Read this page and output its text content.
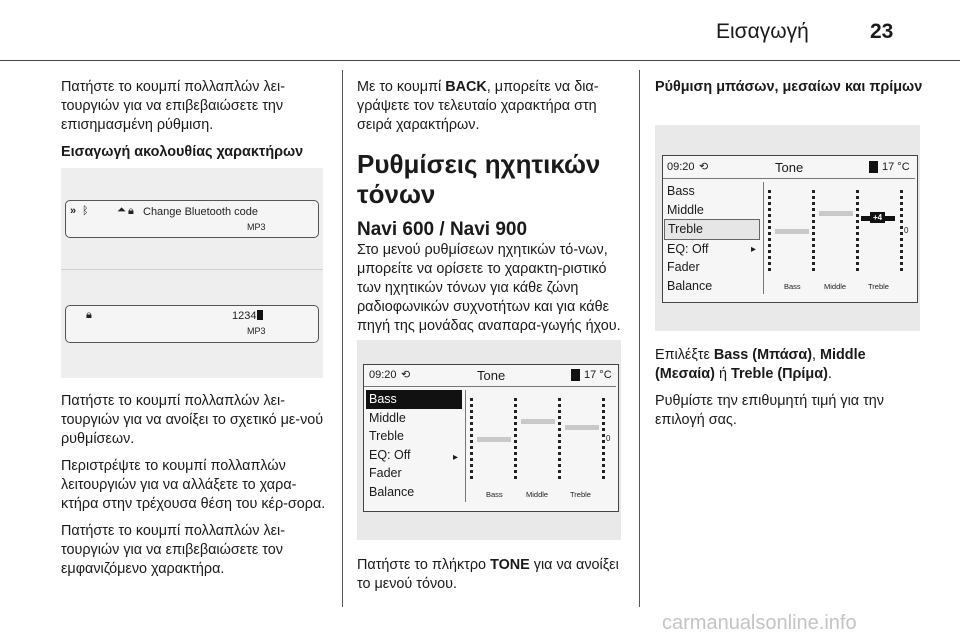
Εισαγωγή	23

Πατήστε το κουμπί πολλαπλών λει-τουργιών για να επιβεβαιώσετε την επισημασμένη ρύθμιση.

Εισαγωγή ακολουθίας χαρακτήρων

» ᛒ	⏶ 🔒︎ Change Bluetooth code
MP3
🔒︎	1234
MP3

Πατήστε το κουμπί πολλαπλών λει-τουργιών για να ανοίξει το σχετικό με-νού ρυθμίσεων.

Περιστρέψτε το κουμπί πολλαπλών λειτουργιών για να αλλάξετε το χαρα-κτήρα στην τρέχουσα θέση του κέρ-σορα.

Πατήστε το κουμπί πολλαπλών λει-τουργιών για να επιβεβαιώσετε τον εμφανιζόμενο χαρακτήρα.

Με το κουμπί BACK, μπορείτε να δια-γράψετε τον τελευταίο χαρακτήρα στη σειρά χαρακτήρων.

Ρυθμίσεις ηχητικών τόνων
Navi 600 / Navi 900

Στο μενού ρυθμίσεων ηχητικών τό-νων, μπορείτε να ορίσετε το χαρακτη-ριστικό των ηχητικών τόνων για κάθε ζώνη ραδιοφωνικών συχνοτήτων και για κάθε πηγή της μονάδας αναπαρα-γωγής ήχου.

09:20 ⟲	Tone	17 °C
Bass
Middle
Treble
EQ: Off
Fader
Balance
▸
0
Bass	Middle	Treble

Πατήστε το πλήκτρο TONE για να ανοίξει το μενού τόνου.

Ρύθμιση μπάσων, μεσαίων και πρίμων

09:20 ⟲	Tone	17 °C
Bass
Middle
Treble
EQ: Off
Fader
Balance
▸
+4
0
Bass	Middle	Treble

Επιλέξτε Bass (Μπάσα), Middle (Μεσαία) ή Treble (Πρίμα).

Ρυθμίστε την επιθυμητή τιμή για την επιλογή σας.

carmanualsonline.info
